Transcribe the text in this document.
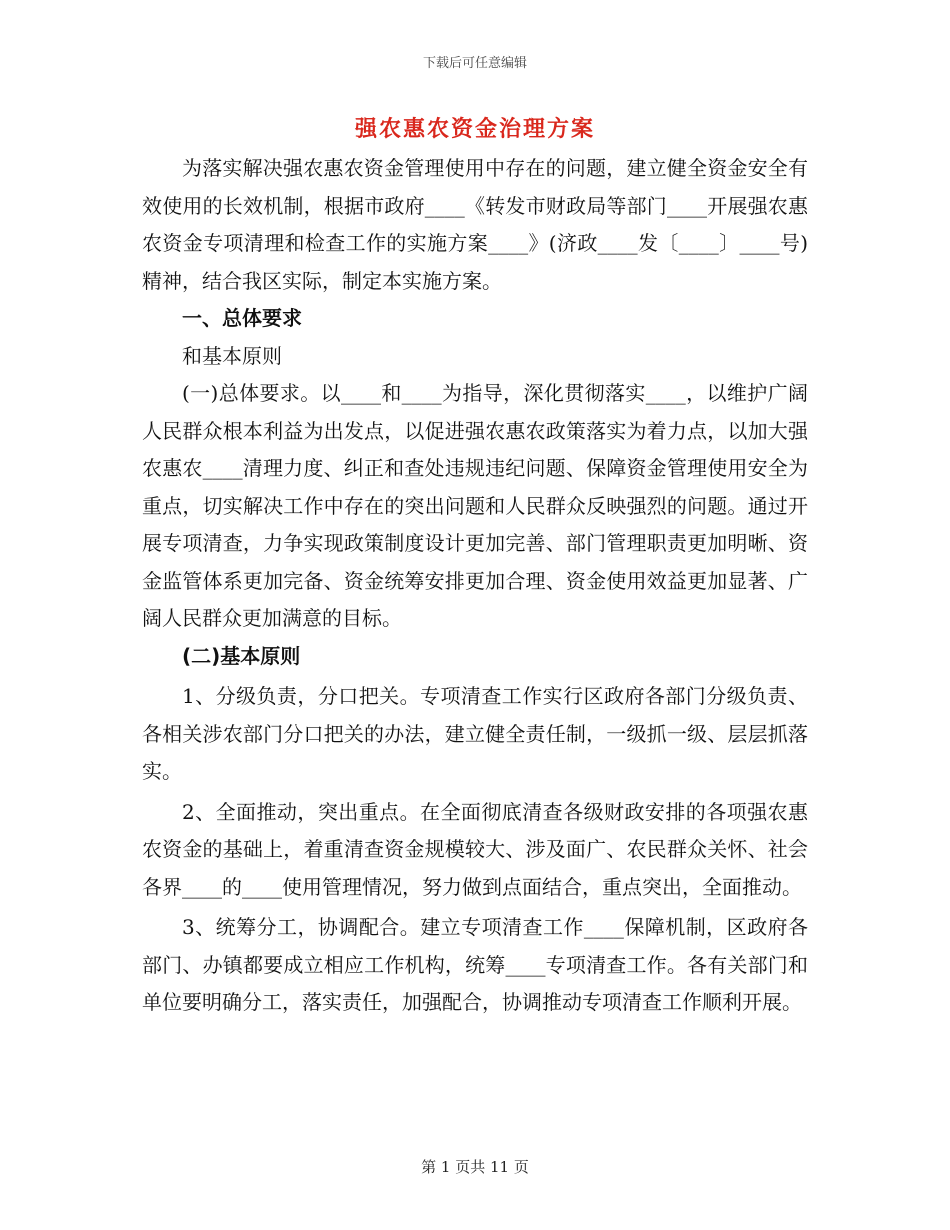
下载后可任意编辑
强农惠农资金治理方案

为落实解决强农惠农资金管理使用中存在的问题，建立健全资金安全有效使用的长效机制，根据市政府____《转发市财政局等部门____开展强农惠农资金专项清理和检查工作的实施方案____》(济政____发〔____〕____号)精神，结合我区实际，制定本实施方案。

一、总体要求

和基本原则

(一)总体要求。以____和____为指导，深化贯彻落实____，以维护广阔人民群众根本利益为出发点，以促进强农惠农政策落实为着力点，以加大强农惠农____清理力度、纠正和查处违规违纪问题、保障资金管理使用安全为重点，切实解决工作中存在的突出问题和人民群众反映强烈的问题。通过开展专项清查，力争实现政策制度设计更加完善、部门管理职责更加明晰、资金监管体系更加完备、资金统筹安排更加合理、资金使用效益更加显著、广阔人民群众更加满意的目标。

(二)基本原则

1、分级负责，分口把关。专项清查工作实行区政府各部门分级负责、各相关涉农部门分口把关的办法，建立健全责任制，一级抓一级、层层抓落实。

2、全面推动，突出重点。在全面彻底清查各级财政安排的各项强农惠农资金的基础上，着重清查资金规模较大、涉及面广、农民群众关怀、社会各界____的____使用管理情况，努力做到点面结合，重点突出，全面推动。

3、统筹分工，协调配合。建立专项清查工作____保障机制，区政府各部门、办镇都要成立相应工作机构，统筹____专项清查工作。各有关部门和单位要明确分工，落实责任，加强配合，协调推动专项清查工作顺利开展。

第 1 页共 11 页
